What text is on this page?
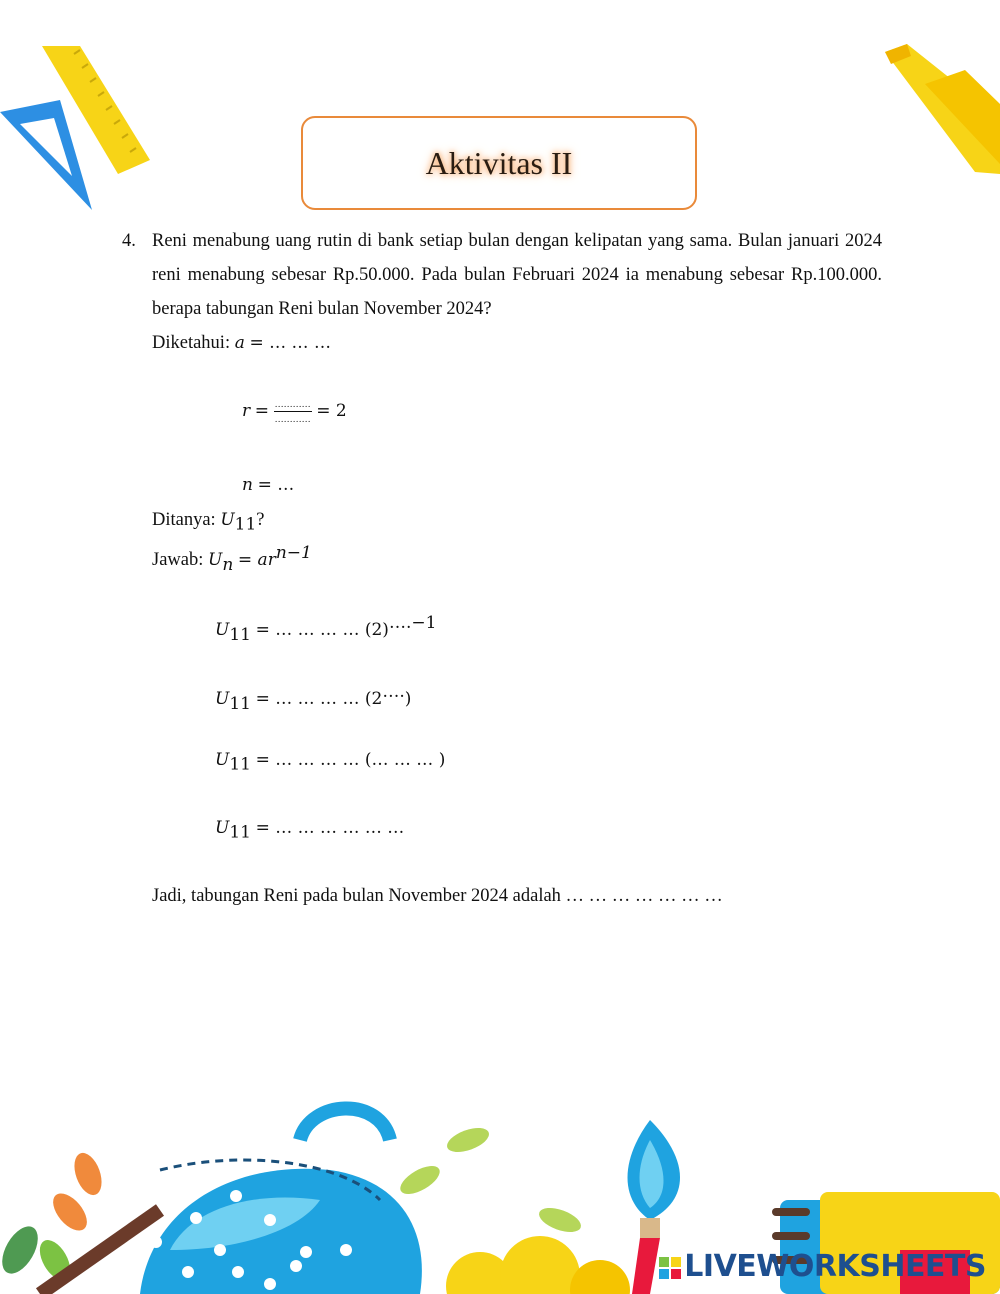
Aktivitas II
4. Reni menabung uang rutin di bank setiap bulan dengan kelipatan yang sama. Bulan januari 2024 reni menabung sebesar Rp.50.000. Pada bulan Februari 2024 ia menabung sebesar Rp.100.000. berapa tabungan Reni bulan November 2024?
Diketahui: a = … … …
$r = \frac{\dots\dots\dots\dots}{\dots\dots\dots\dots} = 2$
n = …
Ditanya: $U_{11}$?
Jawab: $U_n = ar^{n-1}$
$U_{11}$ = … … … … $(2)^{\dots.-1}$
$U_{11}$ = … … … … (2….)
$U_{11}$ = … … … … (… … … )
$U_{11}$ = … … … … … …
Jadi, tabungan Reni pada bulan November 2024 adalah … … … … … … …
LIVEWORKSHEETS
